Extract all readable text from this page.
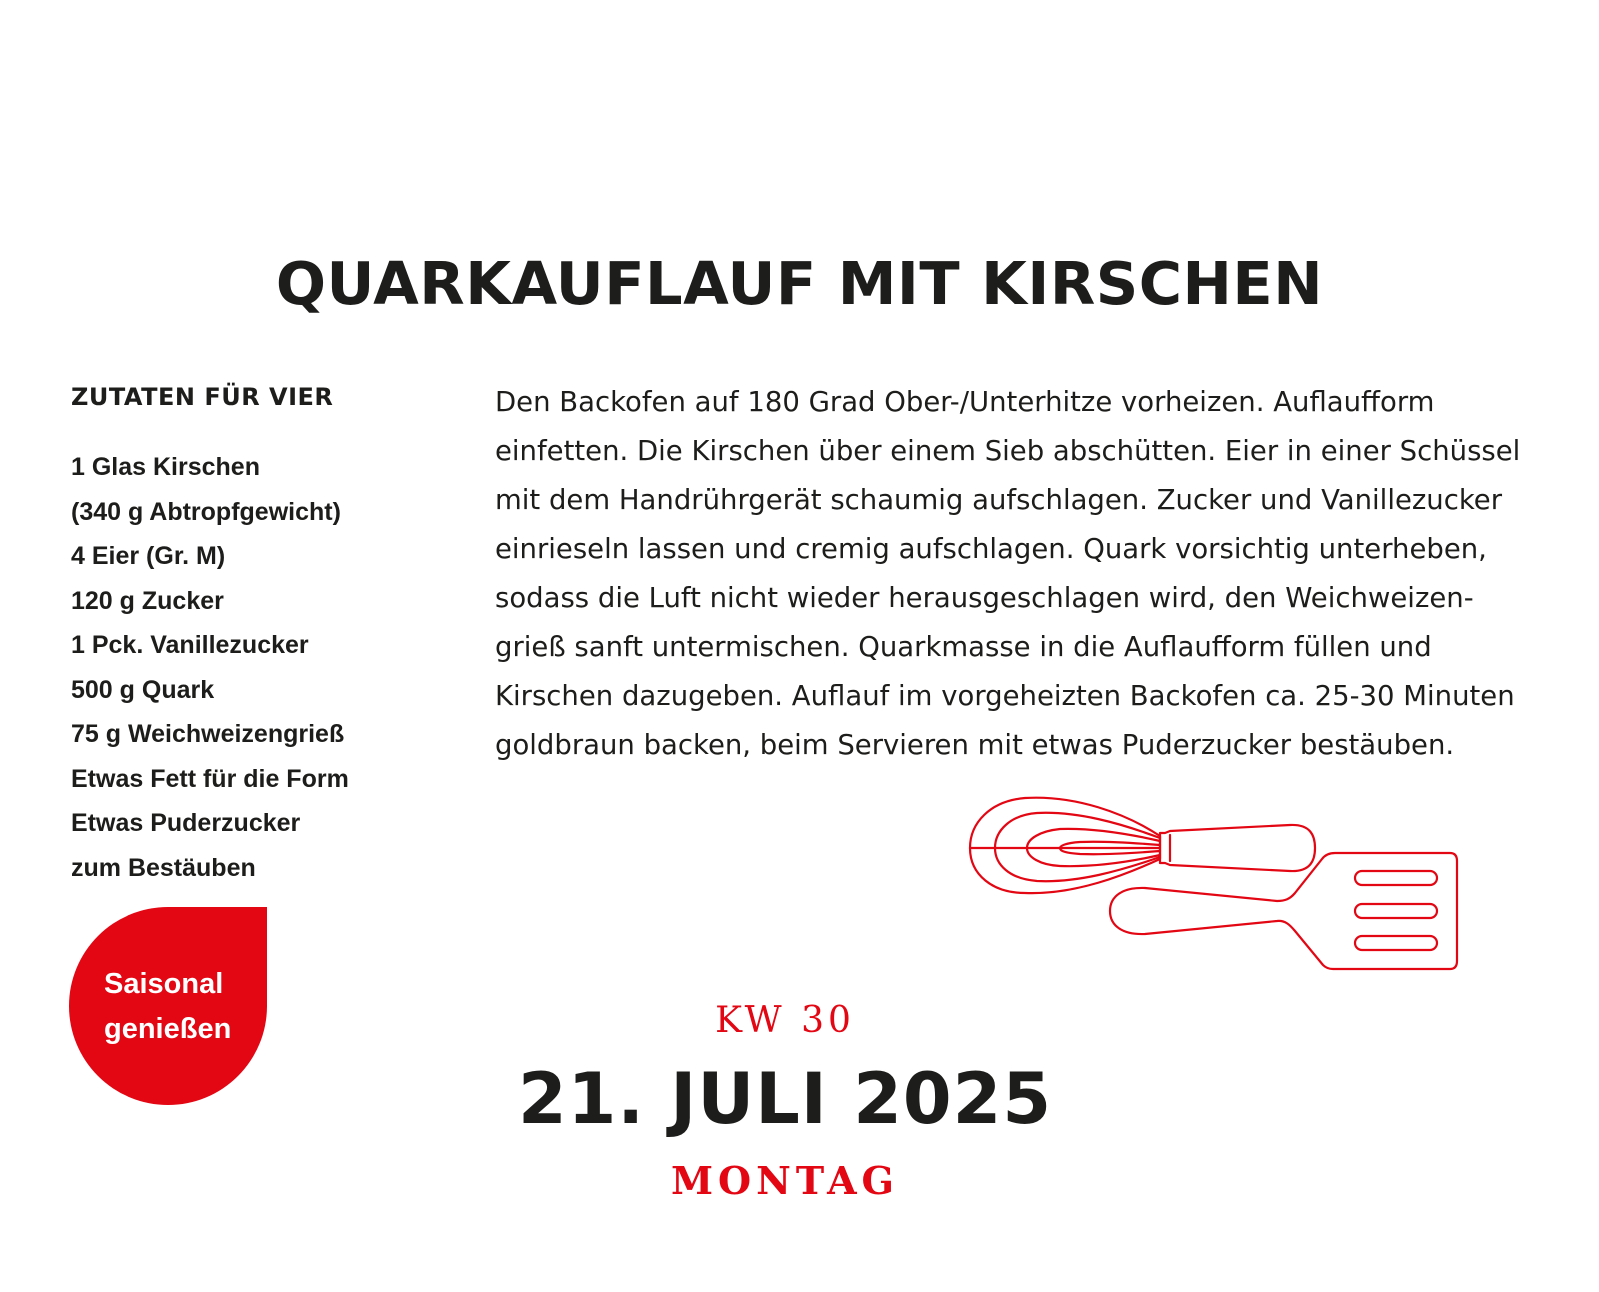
QUARKAUFLAUF MIT KIRSCHEN
ZUTATEN FÜR VIER
1 Glas Kirschen
(340 g Abtropfgewicht)
4 Eier (Gr. M)
120 g Zucker
1 Pck. Vanillezucker
500 g Quark
75 g Weichweizengrieß
Etwas Fett für die Form
Etwas Puderzucker
zum Bestäuben
Den Backofen auf 180 Grad Ober-/Unterhitze vorheizen. Auflaufform
einfetten. Die Kirschen über einem Sieb abschütten. Eier in einer Schüssel
mit dem Handrührgerät schaumig aufschlagen. Zucker und Vanillezucker
einrieseln lassen und cremig aufschlagen. Quark vorsichtig unterheben,
sodass die Luft nicht wieder herausgeschlagen wird, den Weichweizen-
grieß sanft untermischen. Quarkmasse in die Auflaufform füllen und
Kirschen dazugeben. Auflauf im vorgeheizten Backofen ca. 25-30 Minuten
goldbraun backen, beim Servieren mit etwas Puderzucker bestäuben.
Saisonal
genießen	KW 30
21. JULI 2025
MONTAG
